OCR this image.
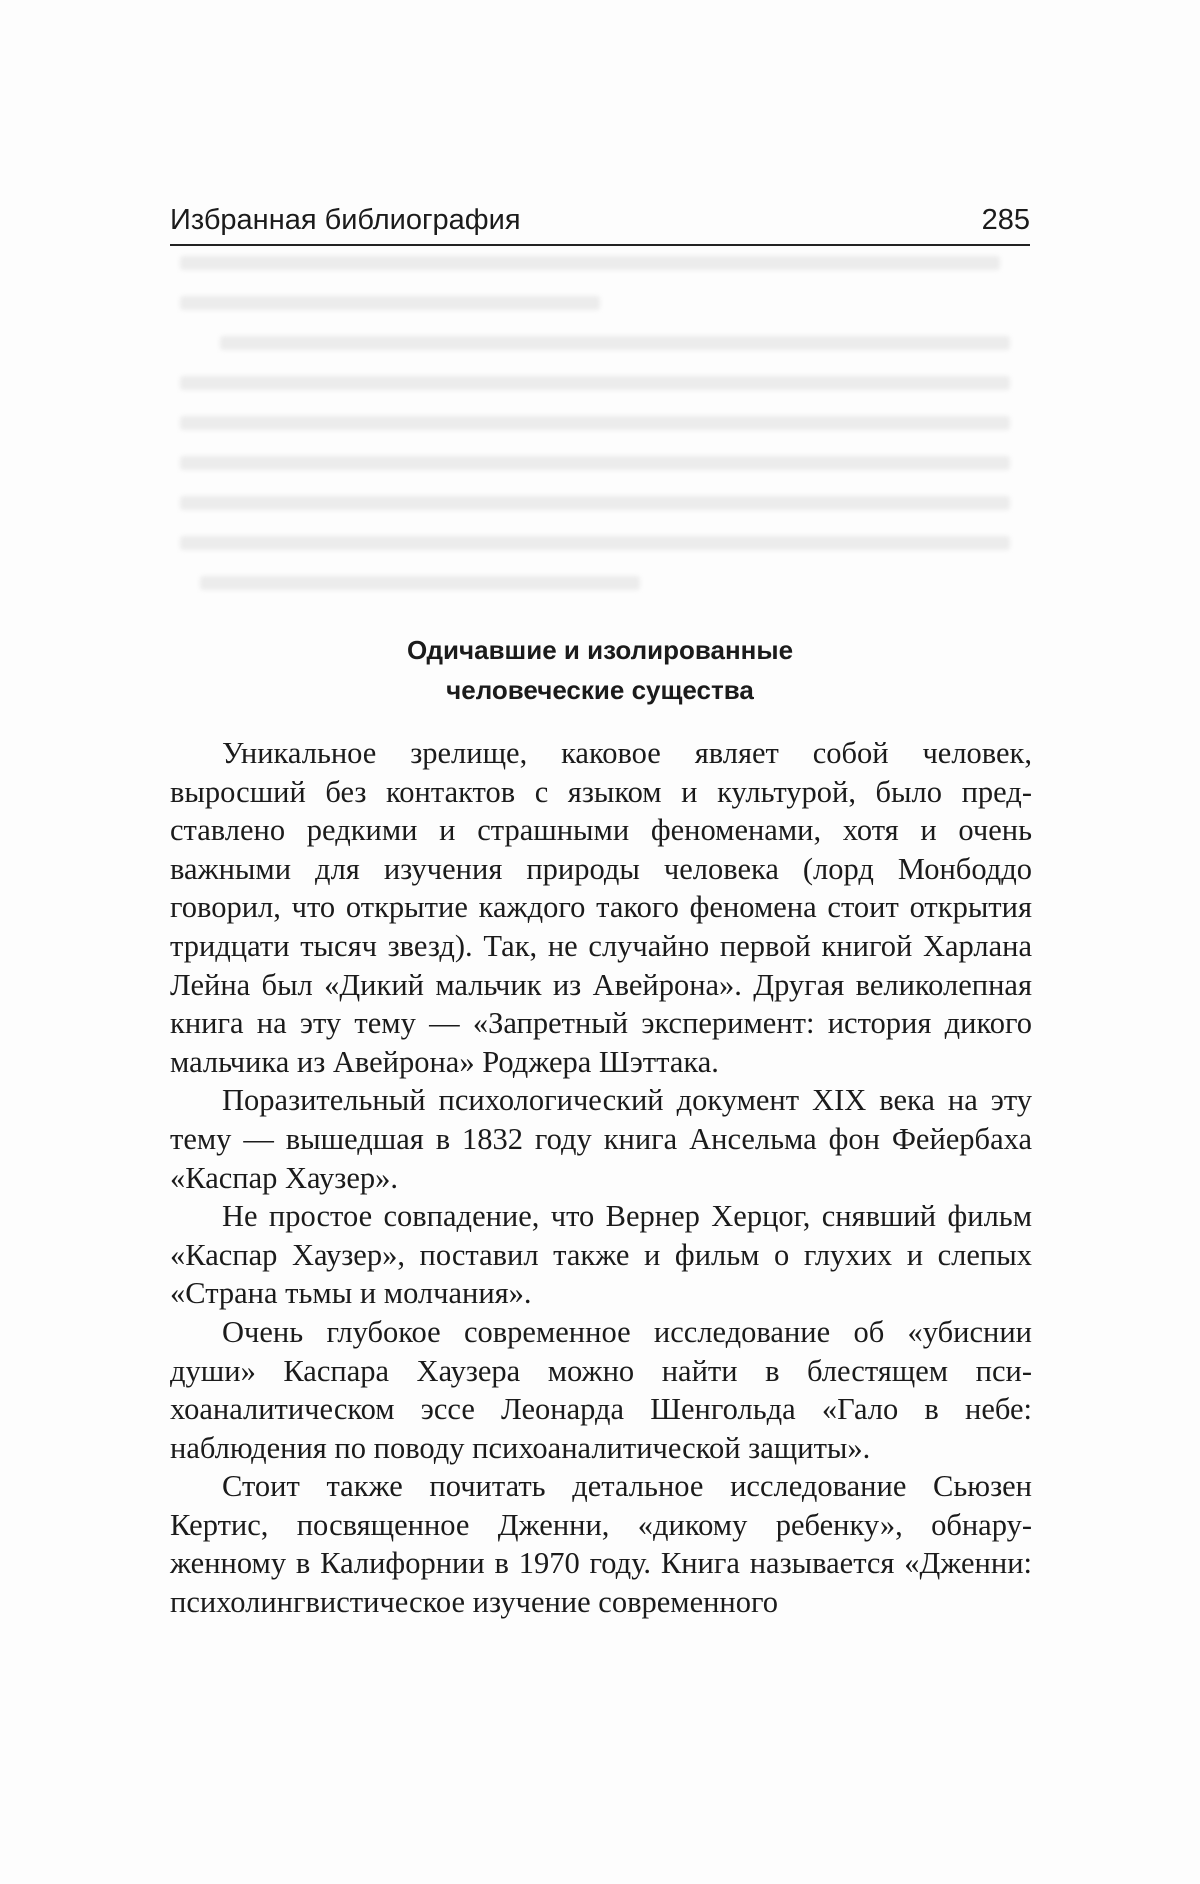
Избранная библиография	285
Одичавшие и изолированные
человеческие существа

Уникальное зрелище, каковое являет собой человек, выросший без контактов с языком и культурой, было представлено редкими и страшными феноменами, хотя и очень важными для изучения природы человека (лорд Монбоддо говорил, что открытие каждого такого феномена стоит открытия тридцати тысяч звезд). Так, не случайно первой книгой Харлана Лейна был «Дикий мальчик из Авейрона». Другая великолепная книга на эту тему — «Запретный эксперимент: история дикого мальчика из Авейрона» Роджера Шэттака.

Поразительный психологический документ XIX века на эту тему — вышедшая в 1832 году книга Ансельма фон Фейербаха «Каспар Хаузер».

Не простое совпадение, что Вернер Херцог, снявший фильм «Каспар Хаузер», поставил также и фильм о глухих и слепых «Страна тьмы и молчания».

Очень глубокое современное исследование об «убиснии души» Каспара Хаузера можно найти в блестящем психоаналитическом эссе Леонарда Шенгольда «Гало в небе: наблюдения по поводу психоаналитической защиты».

Стоит также почитать детальное исследование Сьюзен Кертис, посвященное Дженни, «дикому ребенку», обнаруженному в Калифорнии в 1970 году. Книга называется «Дженни: психолингвистическое изучение современного
